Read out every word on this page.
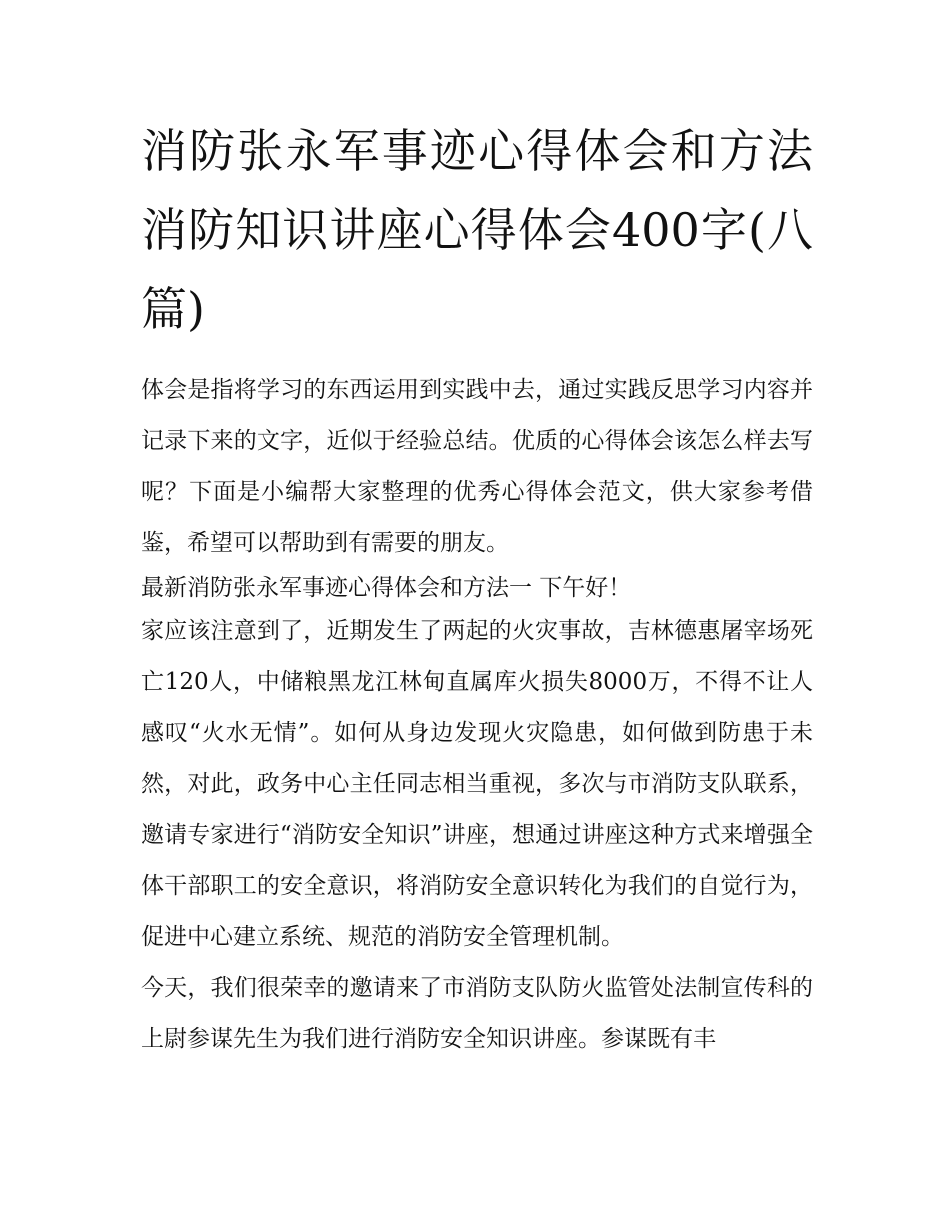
消防张永军事迹心得体会和方法 消防知识讲座心得体会400字(八篇)

体会是指将学习的东西运用到实践中去，通过实践反思学习内容并记录下来的文字，近似于经验总结。优质的心得体会该怎么样去写呢？下面是小编帮大家整理的优秀心得体会范文，供大家参考借鉴，希望可以帮助到有需要的朋友。

最新消防张永军事迹心得体会和方法一 下午好！

家应该注意到了，近期发生了两起的火灾事故，吉林德惠屠宰场死亡120人，中储粮黑龙江林甸直属库火损失8000万，不得不让人感叹“火水无情”。如何从身边发现火灾隐患，如何做到防患于未然，对此，政务中心主任同志相当重视，多次与市消防支队联系，邀请专家进行“消防安全知识”讲座，想通过讲座这种方式来增强全体干部职工的安全意识，将消防安全意识转化为我们的自觉行为，促进中心建立系统、规范的消防安全管理机制。

今天，我们很荣幸的邀请来了市消防支队防火监管处法制宣传科的上尉参谋先生为我们进行消防安全知识讲座。参谋既有丰
